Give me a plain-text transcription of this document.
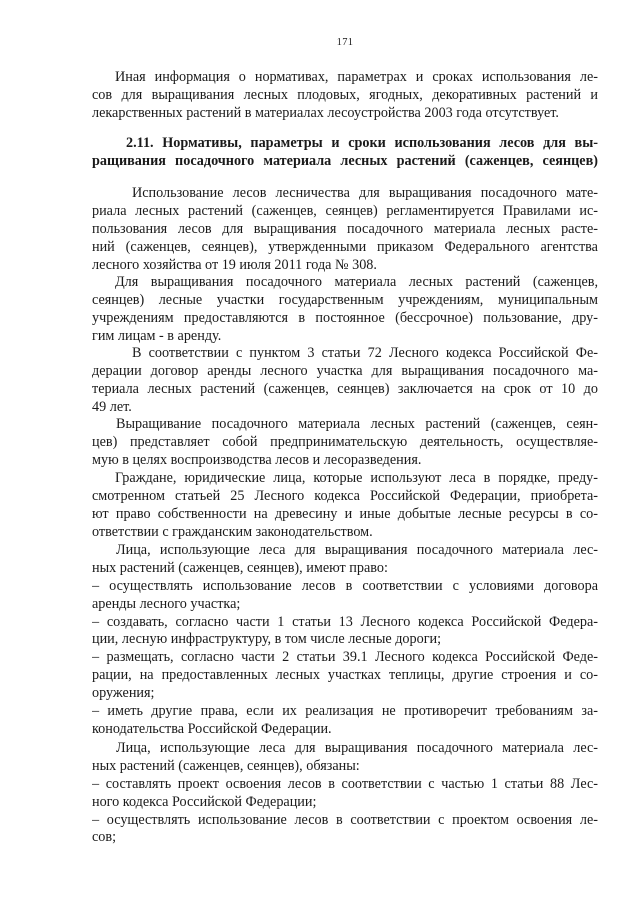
171
Иная информация о нормативах, параметрах и сроках использования ле-
сов для выращивания лесных плодовых, ягодных, декоративных растений и
лекарственных растений в материалах лесоустройства 2003 года отсутствует.
2.11. Нормативы, параметры и сроки использования лесов для вы-
ращивания посадочного материала лесных растений (саженцев, сеянцев)
Использование лесов лесничества для выращивания посадочного мате-
риала лесных растений (саженцев, сеянцев) регламентируется Правилами ис-
пользования лесов для выращивания посадочного материала лесных расте-
ний (саженцев, сеянцев), утвержденными приказом Федерального агентства
лесного хозяйства от 19 июля 2011 года № 308.
Для выращивания посадочного материала лесных растений (саженцев,
сеянцев) лесные участки государственным учреждениям, муниципальным
учреждениям предоставляются в постоянное (бессрочное) пользование, дру-
гим лицам - в аренду.
В соответствии с пунктом 3 статьи 72 Лесного кодекса Российской Фе-
дерации договор аренды лесного участка для выращивания посадочного ма-
териала лесных растений (саженцев, сеянцев) заключается на срок от 10 до
49 лет.
Выращивание посадочного материала лесных растений (саженцев, сеян-
цев) представляет собой предпринимательскую деятельность, осуществляе-
мую в целях воспроизводства лесов и лесоразведения.
Граждане, юридические лица, которые используют леса в порядке, преду-
смотренном статьей 25 Лесного кодекса Российской Федерации, приобрета-
ют право собственности на древесину и иные добытые лесные ресурсы в со-
ответствии с гражданским законодательством.
Лица, использующие леса для выращивания посадочного материала лес-
ных растений (саженцев, сеянцев), имеют право:
– осуществлять использование лесов в соответствии с условиями договора
аренды лесного участка;
– создавать, согласно части 1 статьи 13 Лесного кодекса Российской Федера-
ции, лесную инфраструктуру, в том числе лесные дороги;
– размещать, согласно части 2 статьи 39.1 Лесного кодекса Российской Феде-
рации, на предоставленных лесных участках теплицы, другие строения и со-
оружения;
– иметь другие права, если их реализация не противоречит требованиям за-
конодательства Российской Федерации.
Лица, использующие леса для выращивания посадочного материала лес-
ных растений (саженцев, сеянцев), обязаны:
– составлять проект освоения лесов в соответствии с частью 1 статьи 88 Лес-
ного кодекса Российской Федерации;
– осуществлять использование лесов в соответствии с проектом освоения ле-
сов;
